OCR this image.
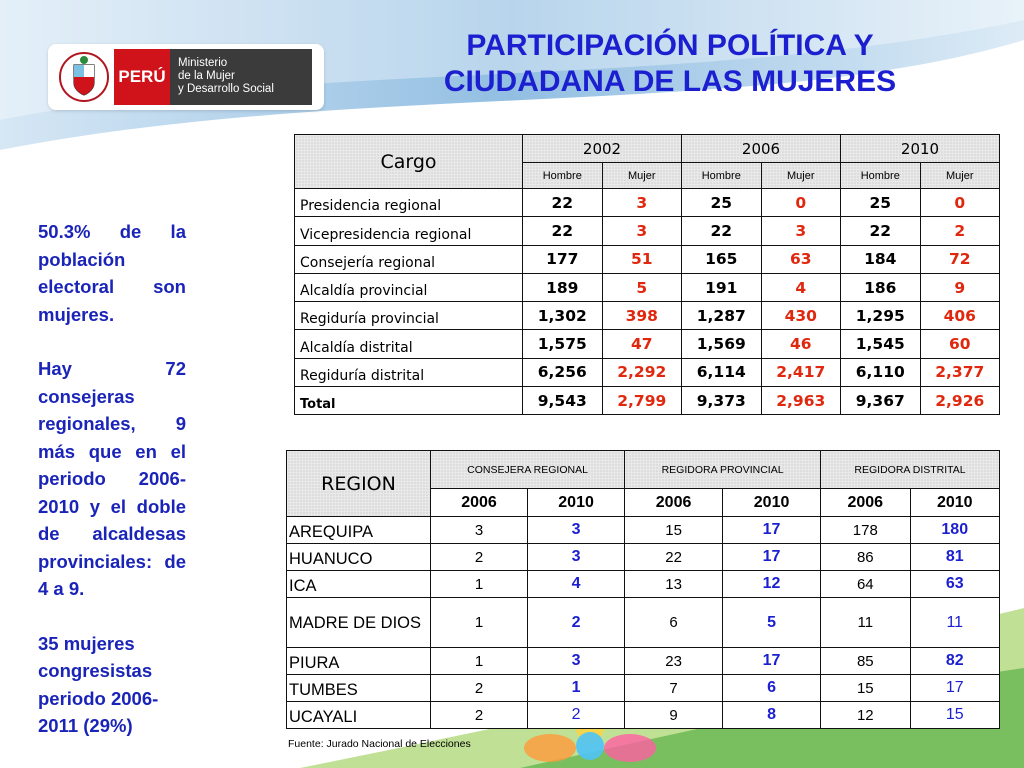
PERÚ
Ministerio
de la Mujer
y Desarrollo Social
PARTICIPACIÓN POLÍTICA Y
CIUDADANA DE LAS MUJERES

50.3% de la población electoral son mujeres.

Hay 72 consejeras regionales, 9 más que en el periodo 2006-2010 y el doble de alcaldesas provinciales: de 4 a 9.

35 mujeres congresistas periodo 2006-2011 (29%)

Cargo	2002		2006		2010	
	Hombre	Mujer	Hombre	Mujer	Hombre	Mujer
Presidencia regional	22	3	25	0	25	0
Vicepresidencia regional	22	3	22	3	22	2
Consejería regional	177	51	165	63	184	72
Alcaldía provincial	189	5	191	4	186	9
Regiduría provincial	1,302	398	1,287	430	1,295	406
Alcaldía distrital	1,575	47	1,569	46	1,545	60
Regiduría distrital	6,256	2,292	6,114	2,417	6,110	2,377
Total	9,543	2,799	9,373	2,963	9,367	2,926
REGION	CONSEJERA REGIONAL		REGIDORA PROVINCIAL		REGIDORA DISTRITAL	
	2006	2010	2006	2010	2006	2010
AREQUIPA	3	3	15	17	178	180
HUANUCO	2	3	22	17	86	81
ICA	1	4	13	12	64	63
MADRE DE DIOS	1	2	6	5	11	11
PIURA	1	3	23	17	85	82
TUMBES	2	1	7	6	15	17
UCAYALI	2	2	9	8	12	15
Fuente: Jurado Nacional de Elecciones
